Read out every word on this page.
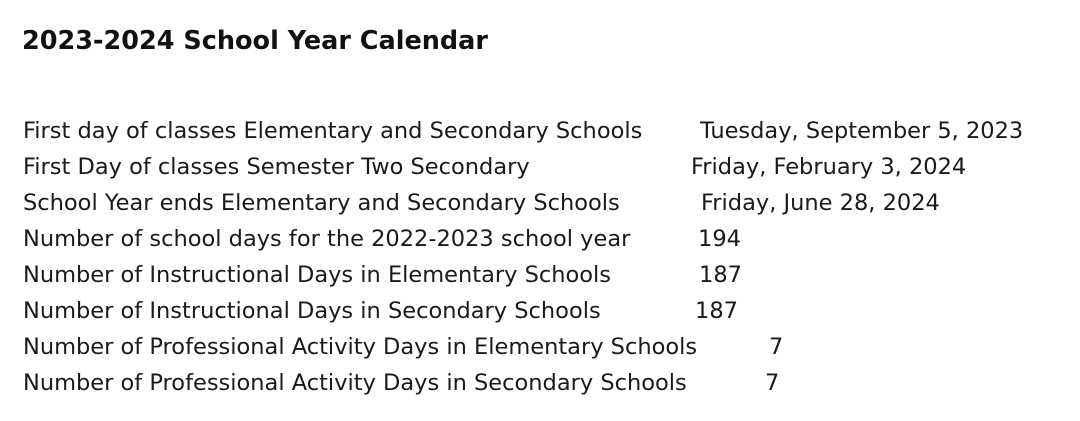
2023-2024 School Year Calendar
First day of classes Elementary and Secondary Schools	Tuesday, September 5, 2023
First Day of classes Semester Two Secondary	Friday, February 3, 2024
School Year ends Elementary and Secondary Schools	Friday, June 28, 2024
Number of school days for the 2022-2023 school year	194
Number of Instructional Days in Elementary Schools	187
Number of Instructional Days in Secondary Schools	187
Number of Professional Activity Days in Elementary Schools	7
Number of Professional Activity Days in Secondary Schools	7
